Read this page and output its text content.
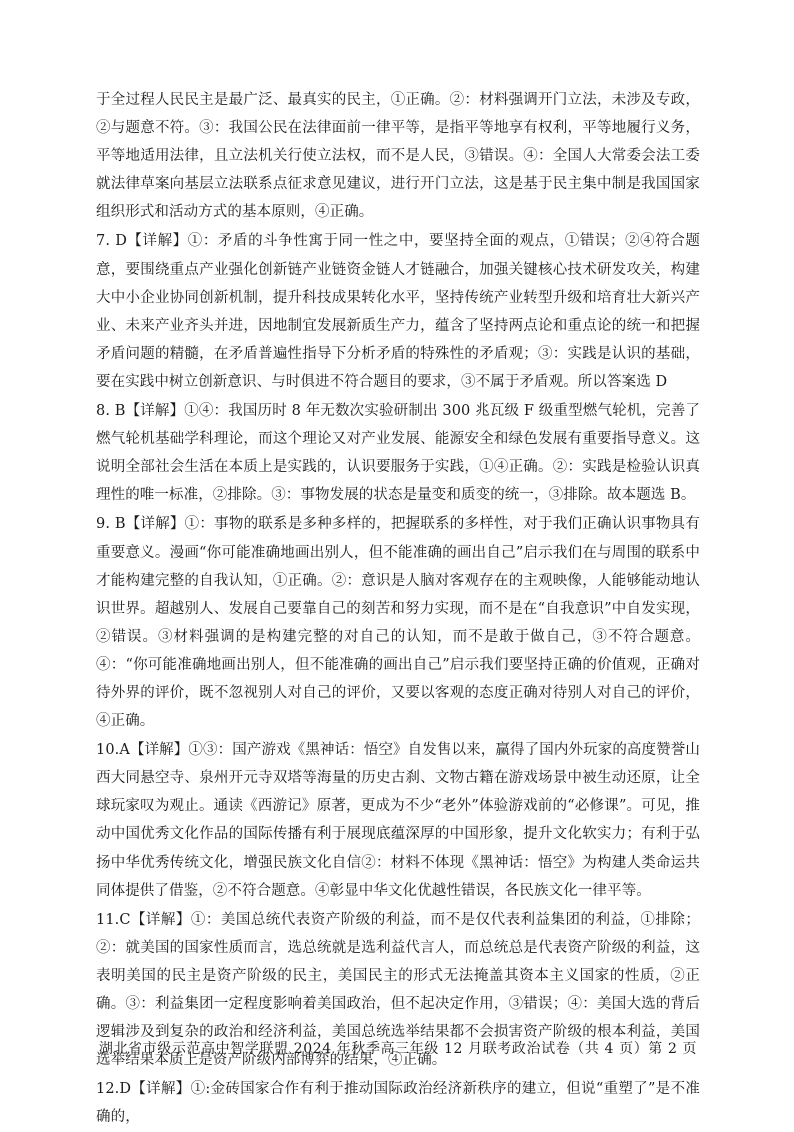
于全过程人民民主是最广泛、最真实的民主，①正确。②：材料强调开门立法，未涉及专政，②与题意不符。③：我国公民在法律面前一律平等，是指平等地享有权利，平等地履行义务，平等地适用法律，且立法机关行使立法权，而不是人民，③错误。④：全国人大常委会法工委就法律草案向基层立法联系点征求意见建议，进行开门立法，这是基于民主集中制是我国国家组织形式和活动方式的基本原则，④正确。

7. D【详解】①：矛盾的斗争性寓于同一性之中，要坚持全面的观点，①错误；②④符合题意，要围绕重点产业强化创新链产业链资金链人才链融合，加强关键核心技术研发攻关，构建大中小企业协同创新机制，提升科技成果转化水平，坚持传统产业转型升级和培育壮大新兴产业、未来产业齐头并进，因地制宜发展新质生产力，蕴含了坚持两点论和重点论的统一和把握矛盾问题的精髓，在矛盾普遍性指导下分析矛盾的特殊性的矛盾观；③：实践是认识的基础，要在实践中树立创新意识、与时俱进不符合题目的要求，③不属于矛盾观。所以答案选 D

8. B【详解】①④：我国历时 8 年无数次实验研制出 300 兆瓦级 F 级重型燃气轮机，完善了燃气轮机基础学科理论，而这个理论又对产业发展、能源安全和绿色发展有重要指导意义。这说明全部社会生活在本质上是实践的，认识要服务于实践，①④正确。②：实践是检验认识真理性的唯一标准，②排除。③：事物发展的状态是量变和质变的统一，③排除。故本题选 B。

9. B【详解】①：事物的联系是多种多样的，把握联系的多样性，对于我们正确认识事物具有重要意义。漫画“你可能准确地画出别人，但不能准确的画出自己”启示我们在与周围的联系中才能构建完整的自我认知，①正确。②：意识是人脑对客观存在的主观映像，人能够能动地认识世界。超越别人、发展自己要靠自己的刻苦和努力实现，而不是在“自我意识”中自发实现，②错误。③材料强调的是构建完整的对自己的认知，而不是敢于做自己，③不符合题意。④：“你可能准确地画出别人，但不能准确的画出自己”启示我们要坚持正确的价值观，正确对待外界的评价，既不忽视别人对自己的评价，又要以客观的态度正确对待别人对自己的评价，④正确。

10.A【详解】①③：国产游戏《黑神话：悟空》自发售以来，赢得了国内外玩家的高度赞誉山西大同悬空寺、泉州开元寺双塔等海量的历史古刹、文物古籍在游戏场景中被生动还原，让全球玩家叹为观止。通读《西游记》原著，更成为不少“老外”体验游戏前的“必修课”。可见，推动中国优秀文化作品的国际传播有利于展现底蕴深厚的中国形象，提升文化软实力；有利于弘扬中华优秀传统文化，增强民族文化自信②：材料不体现《黑神话：悟空》为构建人类命运共同体提供了借鉴，②不符合题意。④彰显中华文化优越性错误，各民族文化一律平等。

11.C【详解】①：美国总统代表资产阶级的利益，而不是仅代表利益集团的利益，①排除；②：就美国的国家性质而言，选总统就是选利益代言人，而总统总是代表资产阶级的利益，这表明美国的民主是资产阶级的民主，美国民主的形式无法掩盖其资本主义国家的性质，②正确。③：利益集团一定程度影响着美国政治，但不起决定作用，③错误；④：美国大选的背后逻辑涉及到复杂的政治和经济利益，美国总统选举结果都不会损害资产阶级的根本利益，美国选举结果本质上是资产阶级内部博弈的结果，④正确。

12.D【详解】①:金砖国家合作有利于推动国际政治经济新秩序的建立，但说“重塑了”是不准确的，

湖北省市级示范高中智学联盟 2024 年秋季高三年级 12 月联考政治试卷（共 4 页）第 2 页
